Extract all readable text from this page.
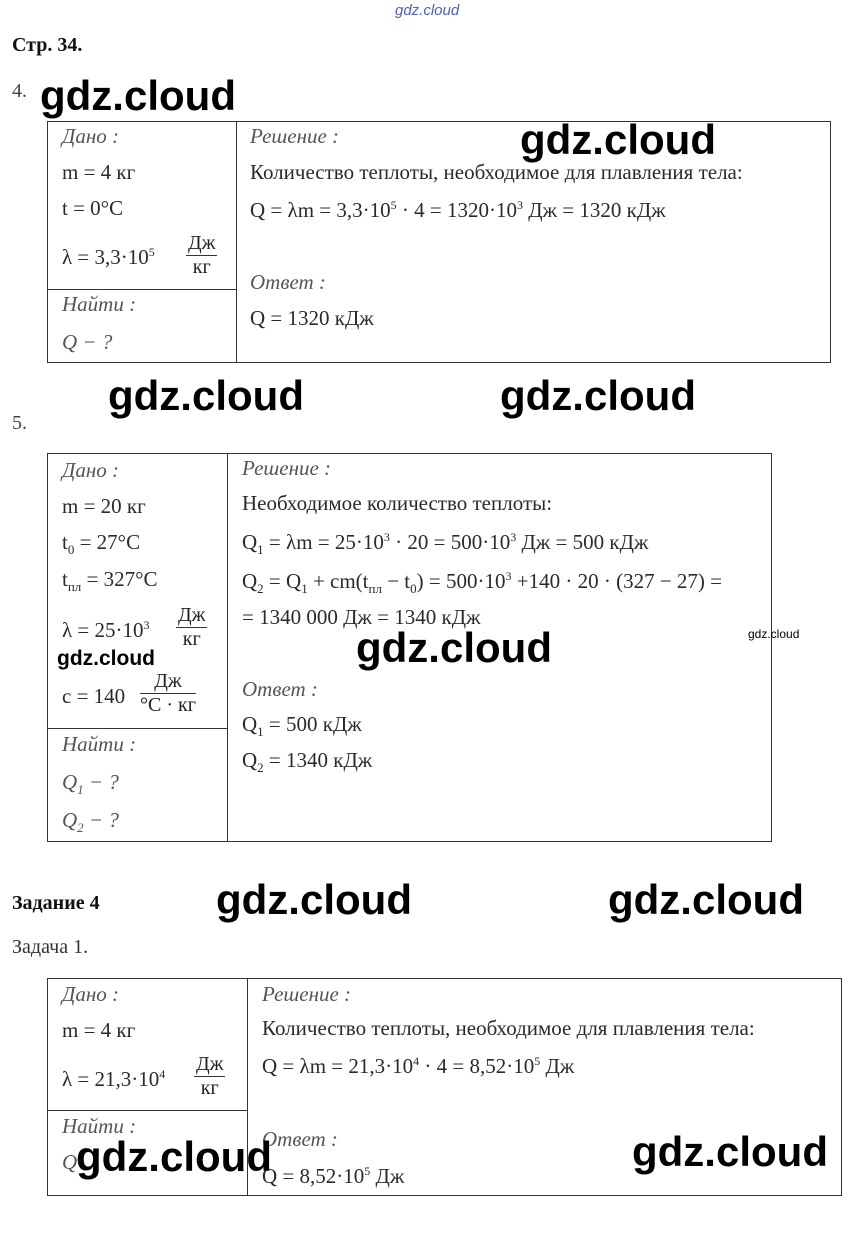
gdz.cloud
Стр. 34.
4.
Дано :
m = 4 кг
t = 0°C
$\lambda = 3,3\cdot 10^5$ Дж
кг
Найти :
Q − ?
Решение :
Количество теплоты, необходимое для плавления тела:
$Q = \lambda m = 3,3\cdot 10^5 \cdot 4 = 1320\cdot 10^3$ Дж = 1320 кДж
Ответ :
Q = 1320 кДж
5.
Дано :
m = 20 кг
$t_0 = 27^\circ C$
$t_{пл} = 327^\circ C$
$\lambda = 25\cdot 10^3$ Дж
кг
c = 140
Дж
°C · кг
Найти :
$Q_1$ − ?
$Q_2$ − ?
Решение :
Необходимое количество теплоты:
$Q_1 = \lambda m = 25\cdot 10^3 \cdot 20 = 500\cdot 10^3$ Дж = 500 кДж
$Q_2 = Q_1 + cm(t_{пл} - t_0) = 500\cdot 10^3 +140 \cdot 20 \cdot (327 - 27)$ =
= 1340 000 Дж = 1340 кДж
Ответ :
$Q_1 = 500$ кДж
$Q_2 = 1340$ кДж
Задание 4
Задача 1.
Дано :
m = 4 кг
$\lambda = 21,3\cdot 10^4$ Дж
кг
Найти :
Q
Решение :
Количество теплоты, необходимое для плавления тела:
$Q = \lambda m = 21,3\cdot 10^4 \cdot 4 = 8,52\cdot 10^5$ Дж
Ответ :
$Q = 8,52\cdot 10^5$ Дж
gdz.cloud
gdz.cloud
gdz.cloud	gdz.cloud
gdz.cloud
gdz.cloud
gdz.cloud
gdz.cloud	gdz.cloud
gdz.cloud	gdz.cloud
